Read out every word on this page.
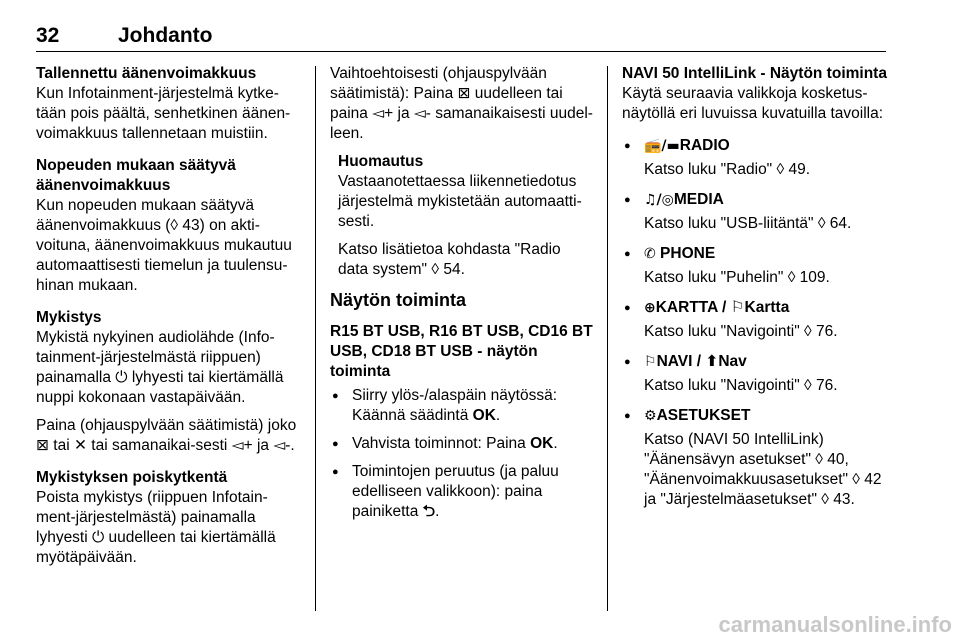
32	Johdanto
Tallennettu äänenvoimakkuus
Kun Infotainment-järjestelmä kytke-tään pois päältä, senhetkinen äänen-voimakkuus tallennetaan muistiin.
Nopeuden mukaan säätyvä äänenvoimakkuus
Kun nopeuden mukaan säätyvä äänenvoimakkuus (◊ 43) on akti-voituna, äänenvoimakkuus mukautuu automaattisesti tiemelun ja tuulensu-hinan mukaan.
Mykistys
Mykistä nykyinen audiolähde (Info-tainment-järjestelmästä riippuen) painamalla ⏻ lyhyesti tai kiertämällä nuppi kokonaan vastapäivään.
Paina (ohjauspylvään säätimistä) joko ⊠ tai ✕ tai samanaikai-sesti ◅+ ja ◅-.
Mykistyksen poiskytkentä
Poista mykistys (riippuen Infotain-ment-järjestelmästä) painamalla lyhyesti ⏻ uudelleen tai kiertämällä myötäpäivään.
Vaihtoehtoisesti (ohjauspylvään säätimistä): Paina ⊠ uudelleen tai paina ◅+ ja ◅- samanaikaisesti uudel-leen.
Huomautus
Vastaanotettaessa liikennetiedotus järjestelmä mykistetään automaatti-sesti.
Katso lisätietoa kohdasta "Radio data system" ◊ 54.
Näytön toiminta
R15 BT USB, R16 BT USB, CD16 BT USB, CD18 BT USB - näytön toiminta
● Siirry ylös-/alaspäin näytössä: Käännä säädintä OK.
● Vahvista toiminnot: Paina OK.
● Toimintojen peruutus (ja paluu edelliseen valikkoon): paina painiketta ⮌.
NAVI 50 IntelliLink - Näytön toiminta
Käytä seuraavia valikkoja kosketus-näytöllä eri luvuissa kuvatuilla tavoilla:
● 📻/▬RADIO
Katso luku "Radio" ◊ 49.
● ♫/◎MEDIA
Katso luku "USB-liitäntä" ◊ 64.
● ✆ PHONE
Katso luku "Puhelin" ◊ 109.
● ⊕KARTTA / ⚐Kartta
Katso luku "Navigointi" ◊ 76.
● ⚐NAVI / ⬆Nav
Katso luku "Navigointi" ◊ 76.
● ⚙ASETUKSET
Katso (NAVI 50 IntelliLink) "Äänensävyn asetukset" ◊ 40, "Äänenvoimakkuusasetukset" ◊ 42 ja "Järjestelmäasetukset" ◊ 43.
carmanualsonline.info
